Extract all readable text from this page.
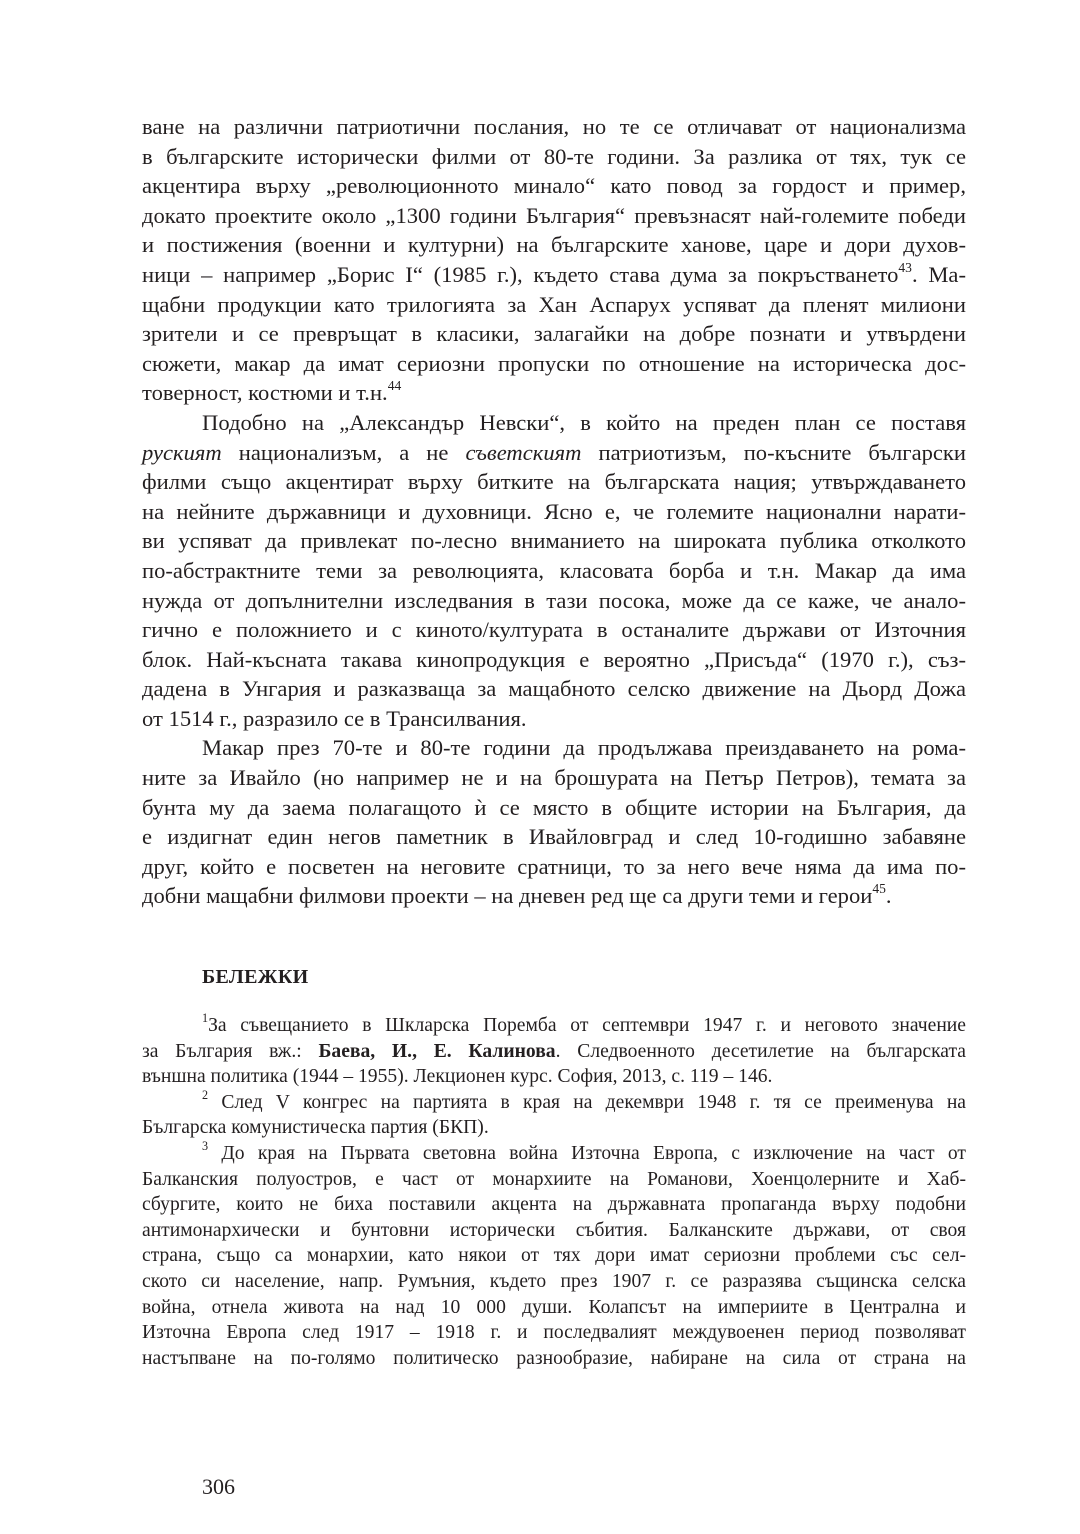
ване на различни патриотични послания, но те се отличават от национализма

в българските исторически филми от 80-те години. За разлика от тях, тук се

акцентира върху „революционното минало“ като повод за гордост и пример,

докато проектите около „1300 години България“ превъзнасят най-големите победи

и постижения (военни и културни) на българските ханове, царе и дори духов-

ници – например „Борис I“ (1985 г.), където става дума за покръстването$^{43}$. Ма-

щабни продукции като трилогията за Хан Аспарух успяват да пленят милиони

зрители и се превръщат в класики, залагайки на добре познати и утвърдени

сюжети, макар да имат сериозни пропуски по отношение на историческа дос-

товерност, костюми и т.н.$^{44}$

Подобно на „Александър Невски“, в който на преден план се поставя

руският национализъм, а не съветският патриотизъм, по-късните български

филми също акцентират върху битките на българската нация; утвърждаването

на нейните държавници и духовници. Ясно е, че големите национални нарати-

ви успяват да привлекат по-лесно вниманието на широката публика отколкото

по-абстрактните теми за революцията, класовата борба и т.н. Макар да има

нужда от допълнителни изследвания в тази посока, може да се каже, че анало-

гично е положнието и с киното/културата в останалите държави от Източния

блок. Най-късната такава кинопродукция е вероятно „Присъда“ (1970 г.), съз-

дадена в Унгария и разказваща за мащабното селско движение на Дьорд Дожа

от 1514 г., разразило се в Трансилвания.

Макар през 70-те и 80-те години да продължава преиздаването на рома-

ните за Ивайло (но например не и на брошурата на Петър Петров), темата за

бунта му да заема полагащото ѝ се място в общите истории на България, да

е издигнат един негов паметник в Ивайловград и след 10-годишно забавяне

друг, който е посветен на неговите сратници, то за него вече няма да има по-

добни мащабни филмови проекти – на дневен ред ще са други теми и герои$^{45}$.

БЕЛЕЖКИ

$^1$За съвещанието в Шкларска Поремба от септември 1947 г. и неговото значение

за България вж.: Баева, И., Е. Калинова. Следвоенното десетилетие на българската

външна политика (1944 – 1955). Лекционен курс. София, 2013, с. 119 – 146.

$^2$ След V конгрес на партията в края на декември 1948 г. тя се преименува на

Българска комунистическа партия (БКП).

$^3$ До края на Първата световна война Източна Европа, с изключение на част от

Балканския полуостров, е част от монархиите на Романови, Хоенцолерните и Хаб-

сбургите, които не биха поставили акцента на държавната пропаганда върху подобни

антимонархически и бунтовни исторически събития. Балканските държави, от своя

страна, също са монархии, като някои от тях дори имат сериозни проблеми със сел-

ското си население, напр. Румъния, където през 1907 г. се разразява същинска селска

война, отнела живота на над 10 000 души. Колапсът на империите в Централна и

Източна Европа след 1917 – 1918 г. и последвалият междувоенен период позволяват

настъпване на по-голямо политическо разнообразие, набиране на сила от страна на

306
